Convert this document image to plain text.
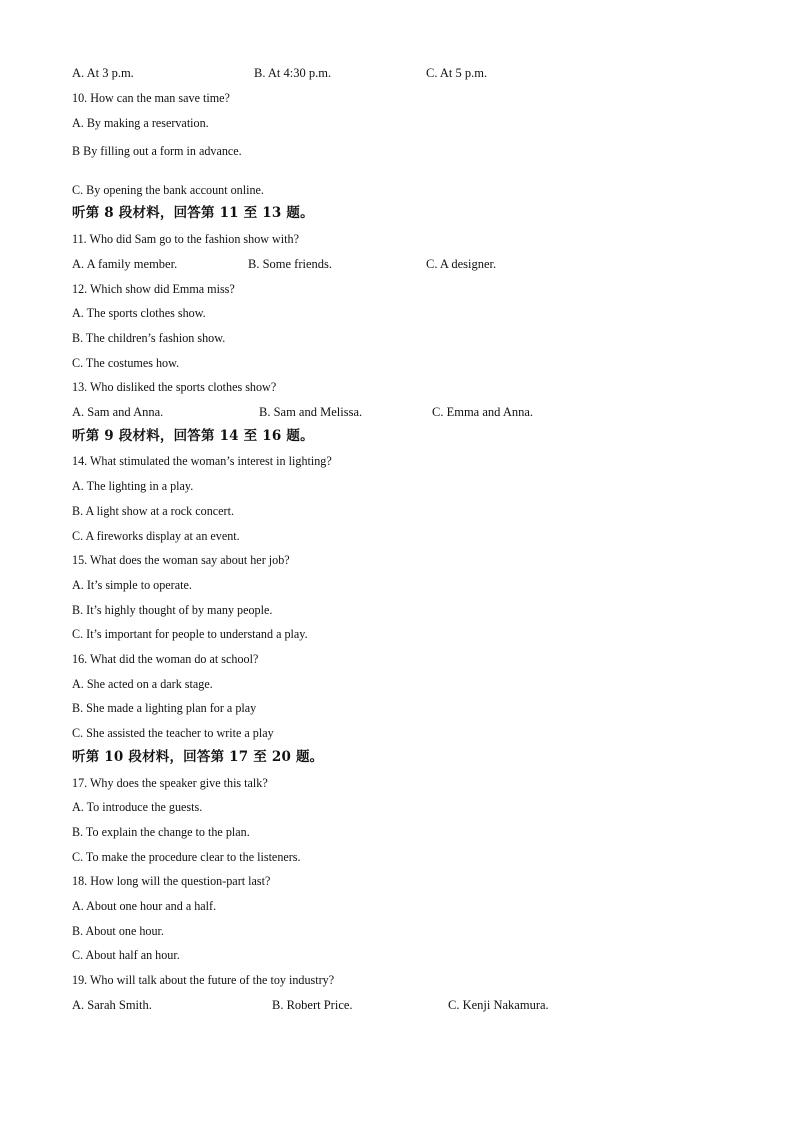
A. At 3 p.m.	B. At 4:30 p.m.	C. At 5 p.m.
10. How can the man save time?
A. By making a reservation.
B By filling out a form in advance.
C. By opening the bank account online.
听第 8 段材料，回答第 11 至 13 题。
11. Who did Sam go to the fashion show with?
A. A family member.	B. Some friends.	C. A designer.
12. Which show did Emma miss?
A. The sports clothes show.
B. The children’s fashion show.
C. The costumes how.
13. Who disliked the sports clothes show?
A. Sam and Anna.	B. Sam and Melissa.	C. Emma and Anna.
听第 9 段材料，回答第 14 至 16 题。
14. What stimulated the woman’s interest in lighting?
A. The lighting in a play.
B. A light show at a rock concert.
C. A fireworks display at an event.
15. What does the woman say about her job?
A. It’s simple to operate.
B. It’s highly thought of by many people.
C. It’s important for people to understand a play.
16. What did the woman do at school?
A. She acted on a dark stage.
B. She made a lighting plan for a play
C. She assisted the teacher to write a play
听第 10 段材料，回答第 17 至 20 题。
17. Why does the speaker give this talk?
A. To introduce the guests.
B. To explain the change to the plan.
C. To make the procedure clear to the listeners.
18. How long will the question-part last?
A. About one hour and a half.
B. About one hour.
C. About half an hour.
19. Who will talk about the future of the toy industry?
A. Sarah Smith.	B. Robert Price.	C. Kenji Nakamura.
